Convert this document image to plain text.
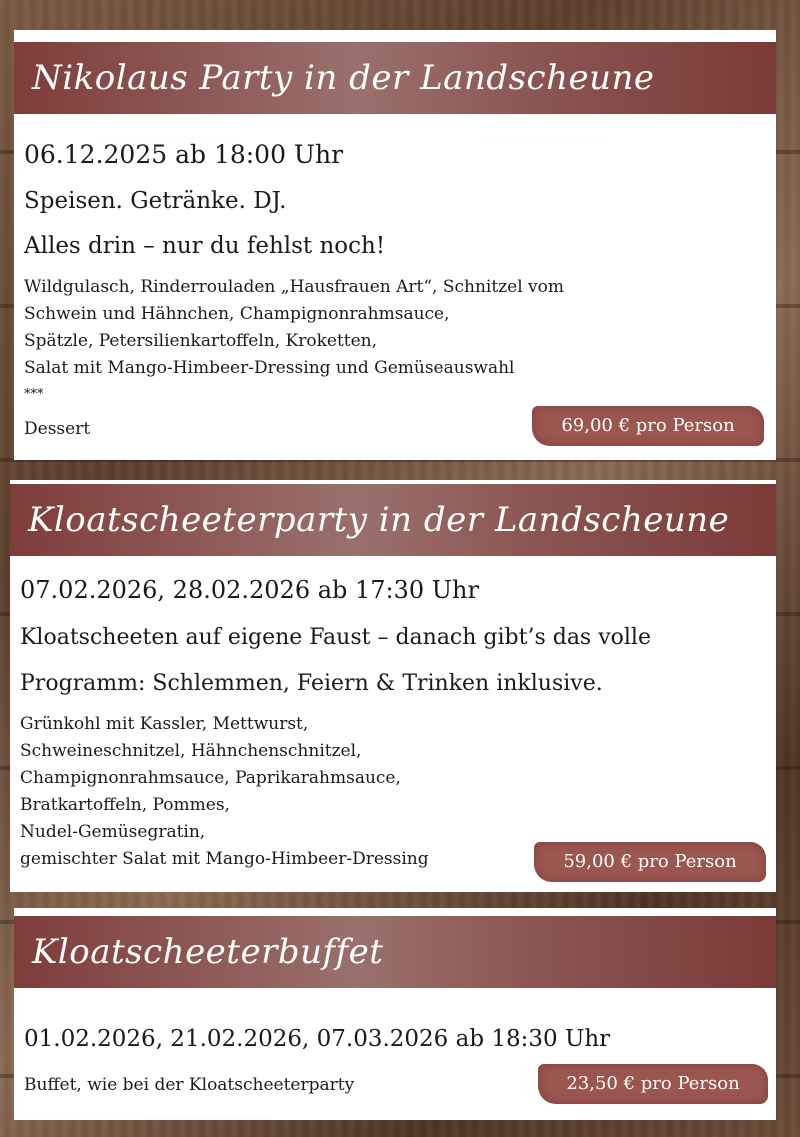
Nikolaus Party in der Landscheune
06.12.2025 ab 18:00 Uhr
Speisen. Getränke. DJ.
Alles drin – nur du fehlst noch!
Wildgulasch, Rinderrouladen „Hausfrauen Art“, Schnitzel vom
Schwein und Hähnchen, Champignonrahmsauce,
Spätzle, Petersilienkartoffeln, Kroketten,
Salat mit Mango-Himbeer-Dressing und Gemüseauswahl
***
Dessert	69,00 € pro Person
Kloatscheeterparty in der Landscheune
07.02.2026, 28.02.2026 ab 17:30 Uhr
Kloatscheeten auf eigene Faust – danach gibt’s das volle
Programm: Schlemmen, Feiern & Trinken inklusive.
Grünkohl mit Kassler, Mettwurst,
Schweineschnitzel, Hähnchenschnitzel,
Champignonrahmsauce, Paprikarahmsauce,
Bratkartoffeln, Pommes,
Nudel-Gemüsegratin,
gemischter Salat mit Mango-Himbeer-Dressing	59,00 € pro Person
Kloatscheeterbuffet
01.02.2026, 21.02.2026, 07.03.2026 ab 18:30 Uhr
Buffet, wie bei der Kloatscheeterparty	23,50 € pro Person
